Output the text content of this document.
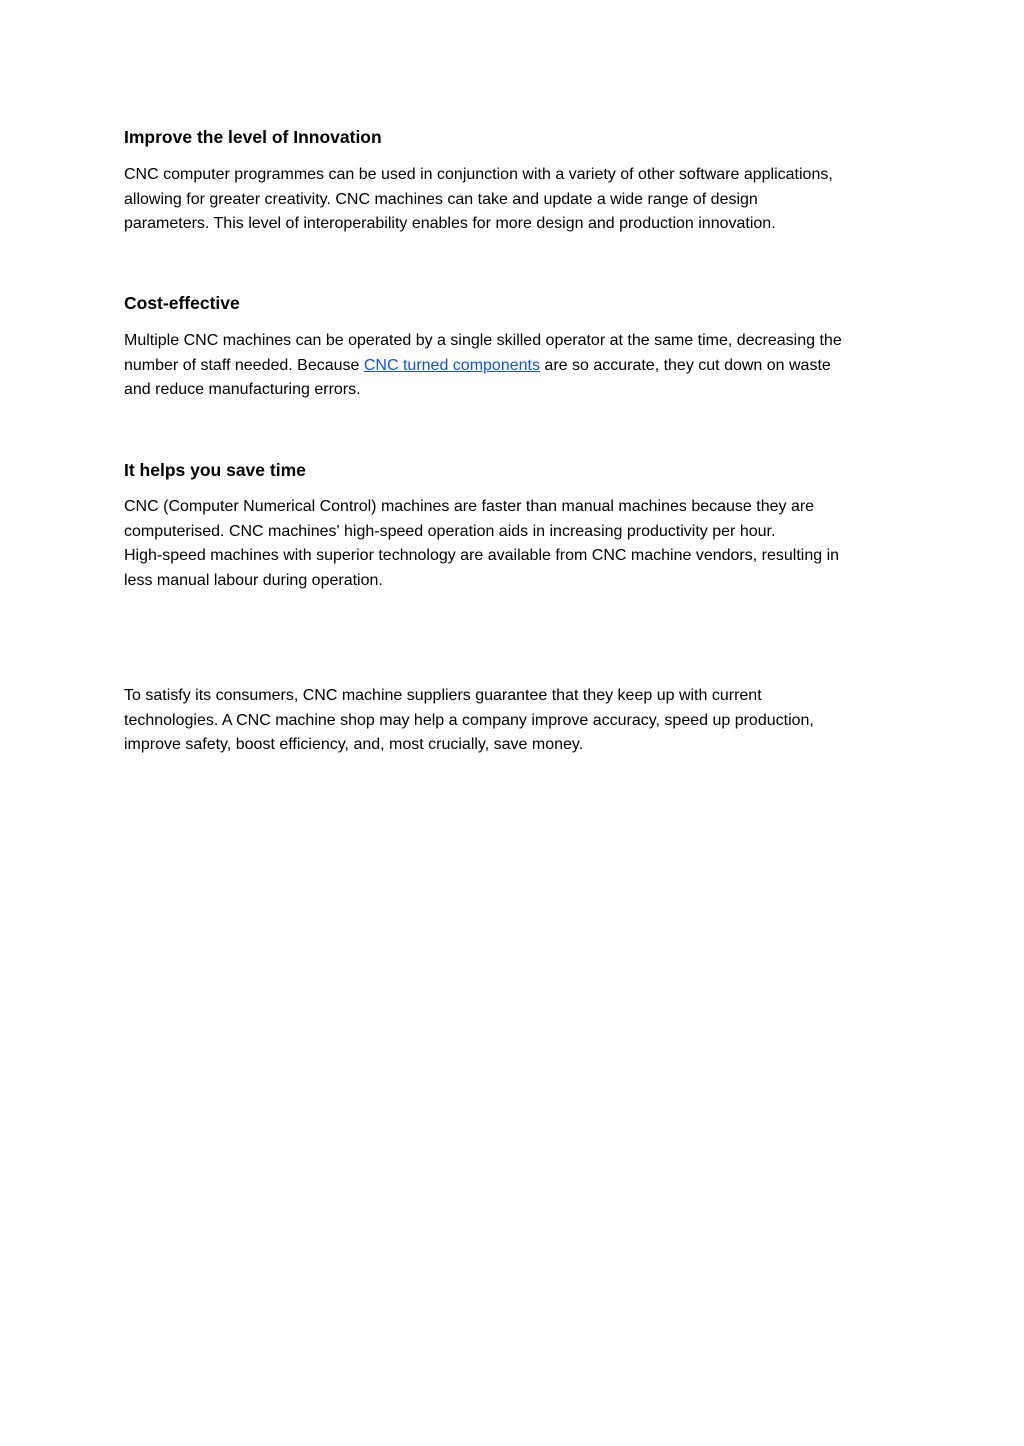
Improve the level of Innovation

CNC computer programmes can be used in conjunction with a variety of other software applications,
allowing for greater creativity. CNC machines can take and update a wide range of design
parameters. This level of interoperability enables for more design and production innovation.

Cost-effective

Multiple CNC machines can be operated by a single skilled operator at the same time, decreasing the
number of staff needed. Because CNC turned components are so accurate, they cut down on waste
and reduce manufacturing errors.

It helps you save time

CNC (Computer Numerical Control) machines are faster than manual machines because they are
computerised. CNC machines' high-speed operation aids in increasing productivity per hour.
High-speed machines with superior technology are available from CNC machine vendors, resulting in
less manual labour during operation.

To satisfy its consumers, CNC machine suppliers guarantee that they keep up with current
technologies. A CNC machine shop may help a company improve accuracy, speed up production,
improve safety, boost efficiency, and, most crucially, save money.
